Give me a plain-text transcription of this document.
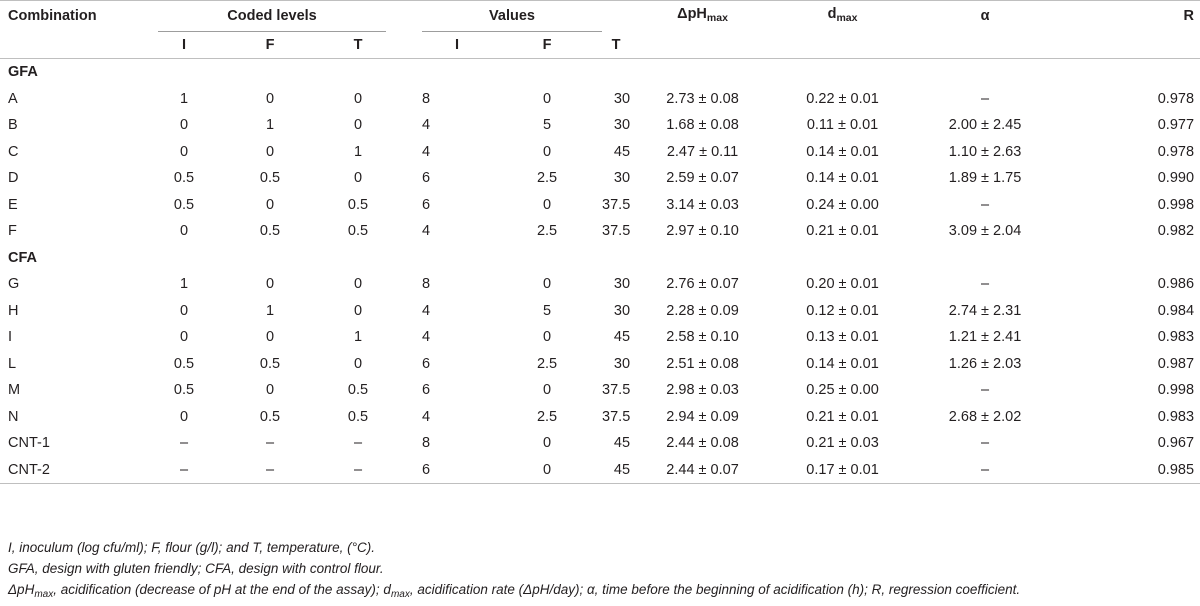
Combination	Coded levels				Values			ΔpH$_{max}$	$d_{max}$	α	R
	I	F	T		I	F	T				
GFA											
A	1	0	0		8	0	30	2.73 ± 0.08	0.22 ± 0.01	–	0.978
B	0	1	0		4	5	30	1.68 ± 0.08	0.11 ± 0.01	2.00 ± 2.45	0.977
C	0	0	1		4	0	45	2.47 ± 0.11	0.14 ± 0.01	1.10 ± 2.63	0.978
D	0.5	0.5	0		6	2.5	30	2.59 ± 0.07	0.14 ± 0.01	1.89 ± 1.75	0.990
E	0.5	0	0.5		6	0	37.5	3.14 ± 0.03	0.24 ± 0.00	–	0.998
F	0	0.5	0.5		4	2.5	37.5	2.97 ± 0.10	0.21 ± 0.01	3.09 ± 2.04	0.982
CFA											
G	1	0	0		8	0	30	2.76 ± 0.07	0.20 ± 0.01	–	0.986
H	0	1	0		4	5	30	2.28 ± 0.09	0.12 ± 0.01	2.74 ± 2.31	0.984
I	0	0	1		4	0	45	2.58 ± 0.10	0.13 ± 0.01	1.21 ± 2.41	0.983
L	0.5	0.5	0		6	2.5	30	2.51 ± 0.08	0.14 ± 0.01	1.26 ± 2.03	0.987
M	0.5	0	0.5		6	0	37.5	2.98 ± 0.03	0.25 ± 0.00	–	0.998
N	0	0.5	0.5		4	2.5	37.5	2.94 ± 0.09	0.21 ± 0.01	2.68 ± 2.02	0.983
CNT-1	–	–	–		8	0	45	2.44 ± 0.08	0.21 ± 0.03	–	0.967
CNT-2	–	–	–		6	0	45	2.44 ± 0.07	0.17 ± 0.01	–	0.985
I, inoculum (log cfu/ml); F, flour (g/l); and T, temperature, (°C).
GFA, design with gluten friendly; CFA, design with control flour.
ΔpH$_{max}$, acidification (decrease of pH at the end of the assay); $d_{max}$, acidification rate (ΔpH/day); α, time before the beginning of acidification (h); R, regression coefficient.
